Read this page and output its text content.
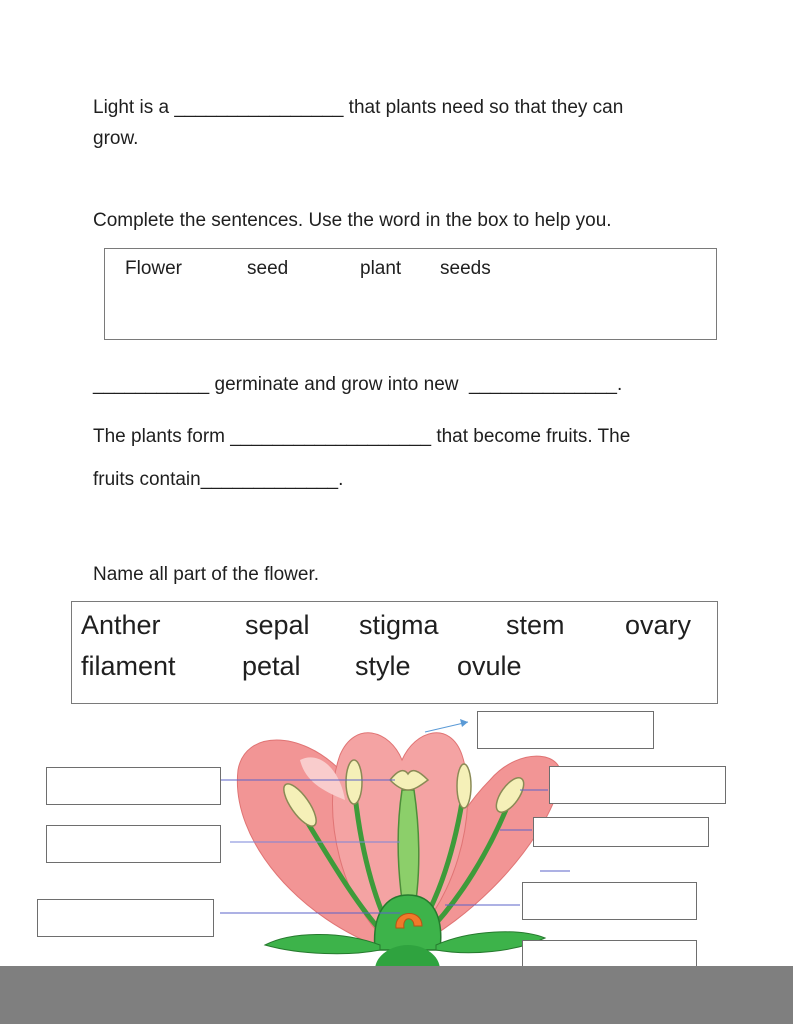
Light is a ________________ that plants need so that they can
grow.
Complete the sentences. Use the word in the box to help you.
Flower	seed	plant seeds
___________ germinate and grow into new  ______________.
The plants form ___________________ that become fruits. The
fruits contain_____________.
Name all part of the flower.
Anther	sepal stigma stem ovary
filament petal style ovule
